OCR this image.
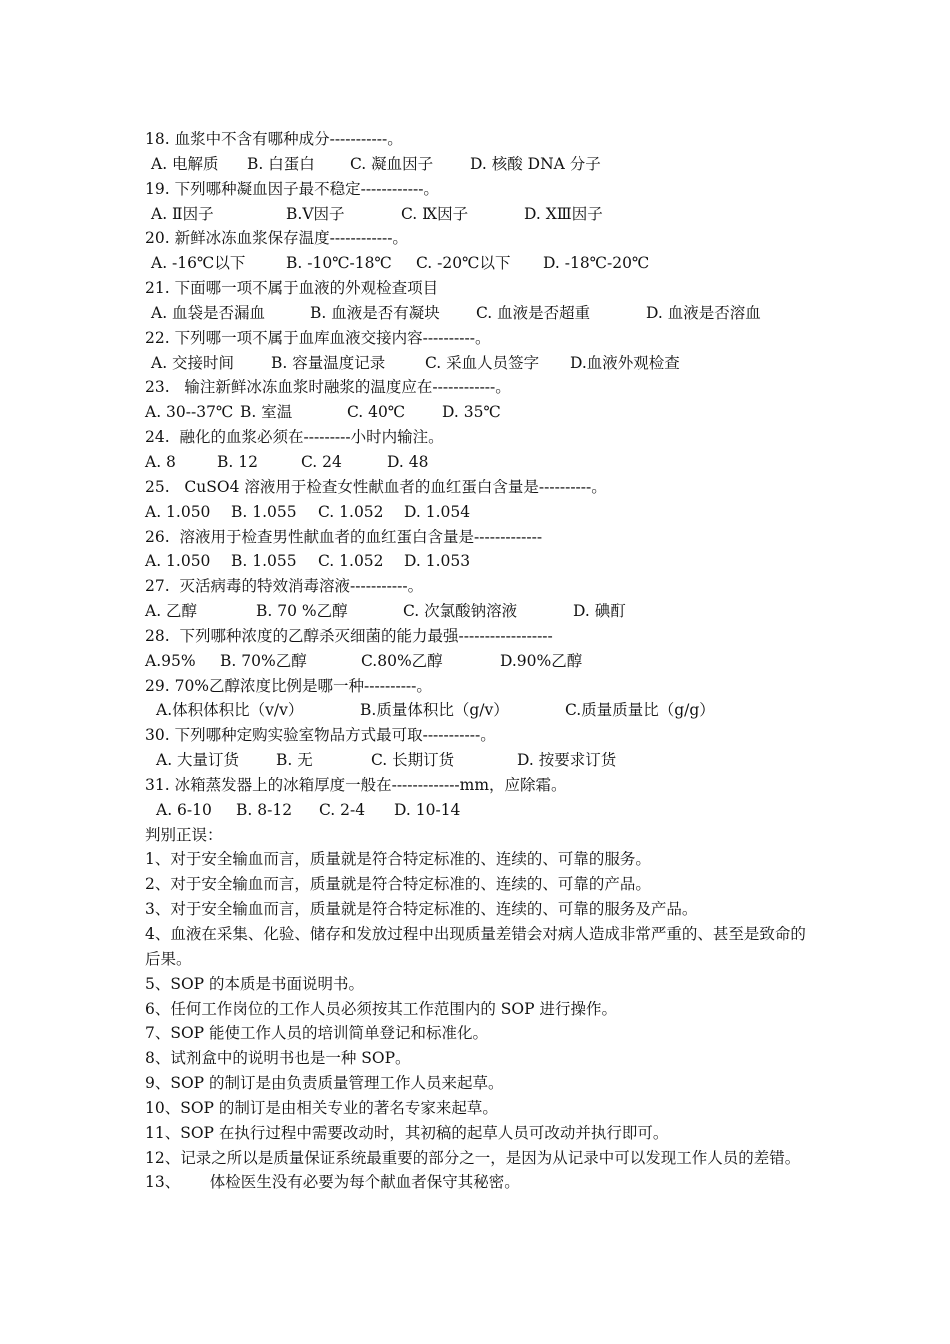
18. 血浆中不含有哪种成分-----------。
A. 电解质 B. 白蛋白 C. 凝血因子 D. 核酸 DNA 分子
19. 下列哪种凝血因子最不稳定------------。
A. Ⅱ因子	B.Ⅴ因子	C. Ⅸ因子	D. ⅩⅢ因子
20. 新鲜冰冻血浆保存温度------------。
A. -16℃以下	B. -10℃-18℃ C. -20℃以下 D. -18℃-20℃
21. 下面哪一项不属于血液的外观检查项目
A. 血袋是否漏血	B. 血液是否有凝块 C. 血液是否超重	D. 血液是否溶血
22. 下列哪一项不属于血库血液交接内容----------。
A. 交接时间 B. 容量温度记录	C. 采血人员签字 D.血液外观检查
23.   输注新鲜冰冻血浆时融浆的温度应在------------。
A. 30--37℃ B. 室温	C. 40℃ D. 35℃
24.  融化的血浆必须在---------小时内输注。
A. 8	B. 12	C. 24	D. 48
25.   CuSO4 溶液用于检查女性献血者的血红蛋白含量是----------。
A. 1.050 B. 1.055 C. 1.052 D. 1.054
26.  溶液用于检查男性献血者的血红蛋白含量是-------------
A. 1.050 B. 1.055 C. 1.052 D. 1.053
27.  灭活病毒的特效消毒溶液-----------。
A. 乙醇	B. 70 %乙醇	C. 次氯酸钠溶液	D. 碘酊
28.  下列哪种浓度的乙醇杀灭细菌的能力最强------------------
A.95% B. 70%乙醇	C.80%乙醇	D.90%乙醇
29. 70%乙醇浓度比例是哪一种----------。
A.体积体积比（v/v）	B.质量体积比（g/v）	C.质量质量比（g/g）
30. 下列哪种定购实验室物品方式最可取-----------。
A. 大量订货 B. 无	C. 长期订货	D. 按要求订货
31. 冰箱蒸发器上的冰箱厚度一般在-------------mm，应除霜。
A. 6-10 B. 8-12 C. 2-4 D. 10-14
判别正误：
1、对于安全输血而言，质量就是符合特定标准的、连续的、可靠的服务。
2、对于安全输血而言，质量就是符合特定标准的、连续的、可靠的产品。
3、对于安全输血而言，质量就是符合特定标准的、连续的、可靠的服务及产品。
4、血液在采集、化验、储存和发放过程中出现质量差错会对病人造成非常严重的、甚至是致命的后果。
5、SOP 的本质是书面说明书。
6、任何工作岗位的工作人员必须按其工作范围内的 SOP 进行操作。
7、SOP 能使工作人员的培训简单登记和标准化。
8、试剂盒中的说明书也是一种 SOP。
9、SOP 的制订是由负责质量管理工作人员来起草。
10、SOP 的制订是由相关专业的著名专家来起草。
11、SOP 在执行过程中需要改动时，其初稿的起草人员可改动并执行即可。
12、记录之所以是质量保证系统最重要的部分之一，是因为从记录中可以发现工作人员的差错。
13、      体检医生没有必要为每个献血者保守其秘密。
